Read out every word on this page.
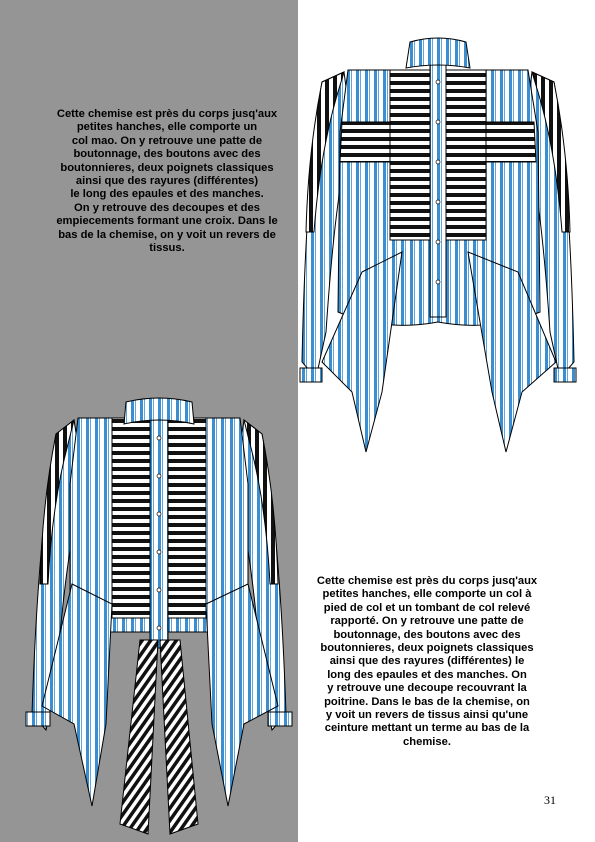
Cette chemise est près du corps jusq'aux
petites hanches, elle comporte un
col mao. On y retrouve une patte de
boutonnage, des boutons avec des
boutonnieres, deux poignets classiques
ainsi que des rayures (différentes)
le long des epaules et des manches.
On y retrouve des decoupes et des
empiecements formant une croix. Dans le
bas de la chemise, on y voit un revers de
tissus.
Cette chemise est près du corps jusq'aux
petites hanches, elle comporte un col à
pied de col et un tombant de col relevé
rapporté. On y retrouve une patte de
boutonnage, des boutons avec des
boutonnieres, deux poignets classiques
ainsi que des rayures (différentes) le
long des epaules et des manches. On
y retrouve une decoupe recouvrant la
poitrine. Dans le bas de la chemise, on
y voit un revers de tissus ainsi qu'une
ceinture mettant un terme au bas de la
chemise.
31
